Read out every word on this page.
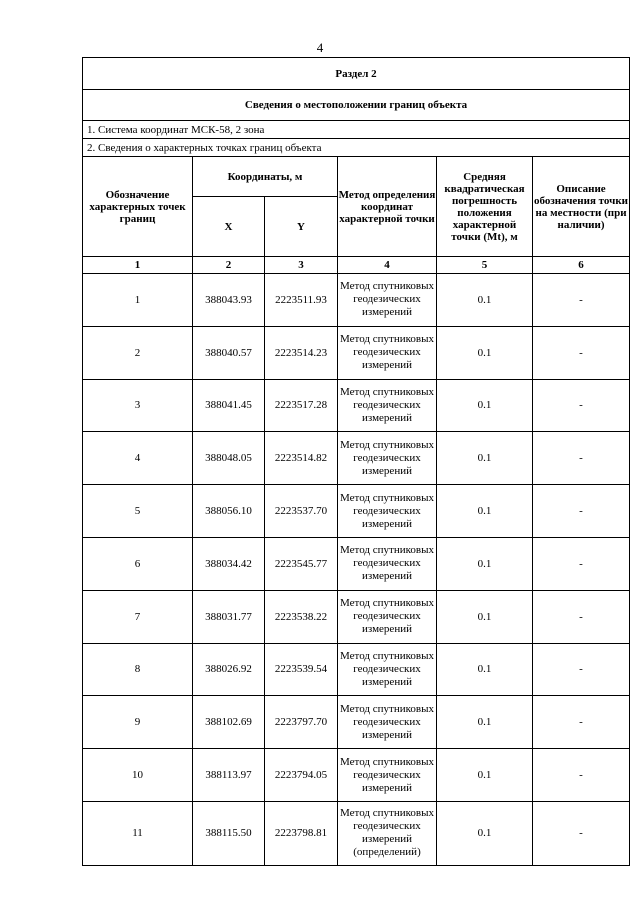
4
Раздел 2					
Сведения о местоположении границ объекта					
1. Система координат МСК-58, 2 зона					
2. Сведения о характерных точках границ объекта					
Обозначение характерных точек границ	Координаты, м		Метод определения координат характерной точки	Средняя квадратическая погрешность положения характерной точки (Mt), м	Описание обозначения точки на местности (при наличии)
	X	Y			
1	2	3	4	5	6
1	388043.93	2223511.93	Метод спутниковых геодезических измерений	0.1	-
2	388040.57	2223514.23	Метод спутниковых геодезических измерений	0.1	-
3	388041.45	2223517.28	Метод спутниковых геодезических измерений	0.1	-
4	388048.05	2223514.82	Метод спутниковых геодезических измерений	0.1	-
5	388056.10	2223537.70	Метод спутниковых геодезических измерений	0.1	-
6	388034.42	2223545.77	Метод спутниковых геодезических измерений	0.1	-
7	388031.77	2223538.22	Метод спутниковых геодезических измерений	0.1	-
8	388026.92	2223539.54	Метод спутниковых геодезических измерений	0.1	-
9	388102.69	2223797.70	Метод спутниковых геодезических измерений	0.1	-
10	388113.97	2223794.05	Метод спутниковых геодезических измерений	0.1	-
11	388115.50	2223798.81	Метод спутниковых геодезических измерений (определений)	0.1	-
